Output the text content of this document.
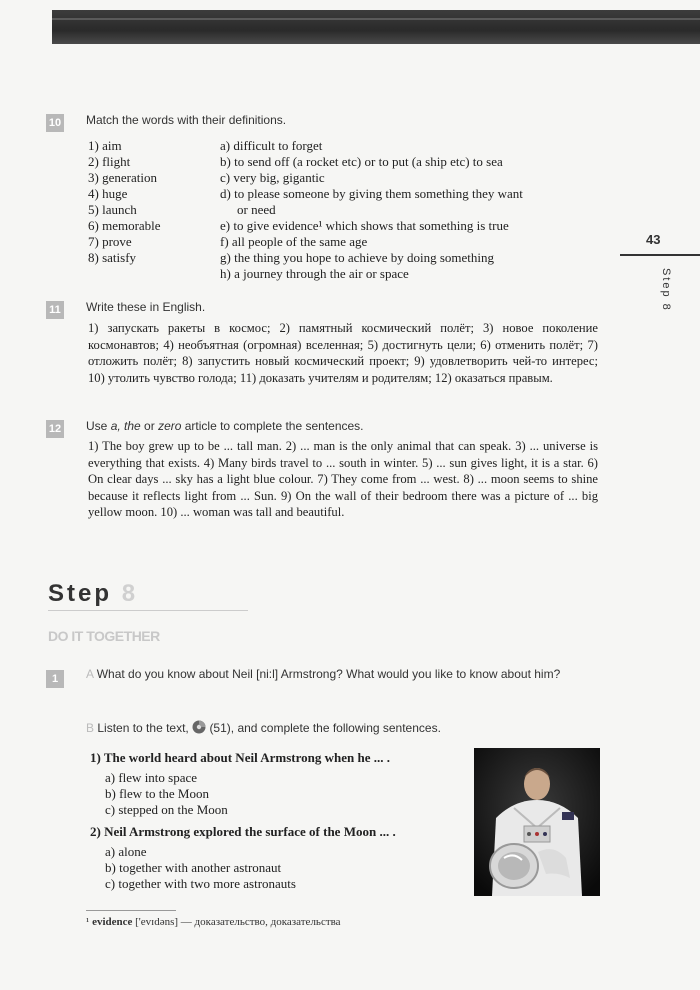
43
Step 8
10 Match the words with their definitions.
1) aim
2) flight
3) generation
4) huge
5) launch
6) memorable
7) prove
8) satisfy
a) difficult to forget
b) to send off (a rocket etc) or to put (a ship etc) to sea
c) very big, gigantic
d) to please someone by giving them something they want
or need
e) to give evidence¹ which shows that something is true
f) all people of the same age
g) the thing you hope to achieve by doing something
h) a journey through the air or space
11 Write these in English.
1) запускать ракеты в космос; 2) памятный космический полёт; 3) новое поколение космонавтов; 4) необъятная (огромная) вселенная; 5) достигнуть цели; 6) отменить полёт; 7) отложить полёт; 8) запустить новый космический проект; 9) удовлетворить чей-то интерес; 10) утолить чувство голода; 11) доказать учителям и родителям; 12) оказаться правым.
12 Use a, the or zero article to complete the sentences.
1) The boy grew up to be ... tall man. 2) ... man is the only animal that can speak. 3) ... universe is everything that exists. 4) Many birds travel to ... south in winter. 5) ... sun gives light, it is a star. 6) On clear days ... sky has a light blue colour. 7) They come from ... west. 8) ... moon seems to shine because it reflects light from ... Sun. 9) On the wall of their bedroom there was a picture of ... big yellow moon. 10) ... woman was tall and beautiful.
Step 8
DO IT TOGETHER
1	A What do you know about Neil [ni:l] Armstrong? What would you like to know about him?
B Listen to the text, (51), and complete the following sentences.
1) The world heard about Neil Armstrong when he ... .
a) flew into space
b) flew to the Moon
c) stepped on the Moon
2) Neil Armstrong explored the surface of the Moon ... .
a) alone
b) together with another astronaut
c) together with two more astronauts
¹ evidence ['evɪdəns] — доказательство, доказательства
